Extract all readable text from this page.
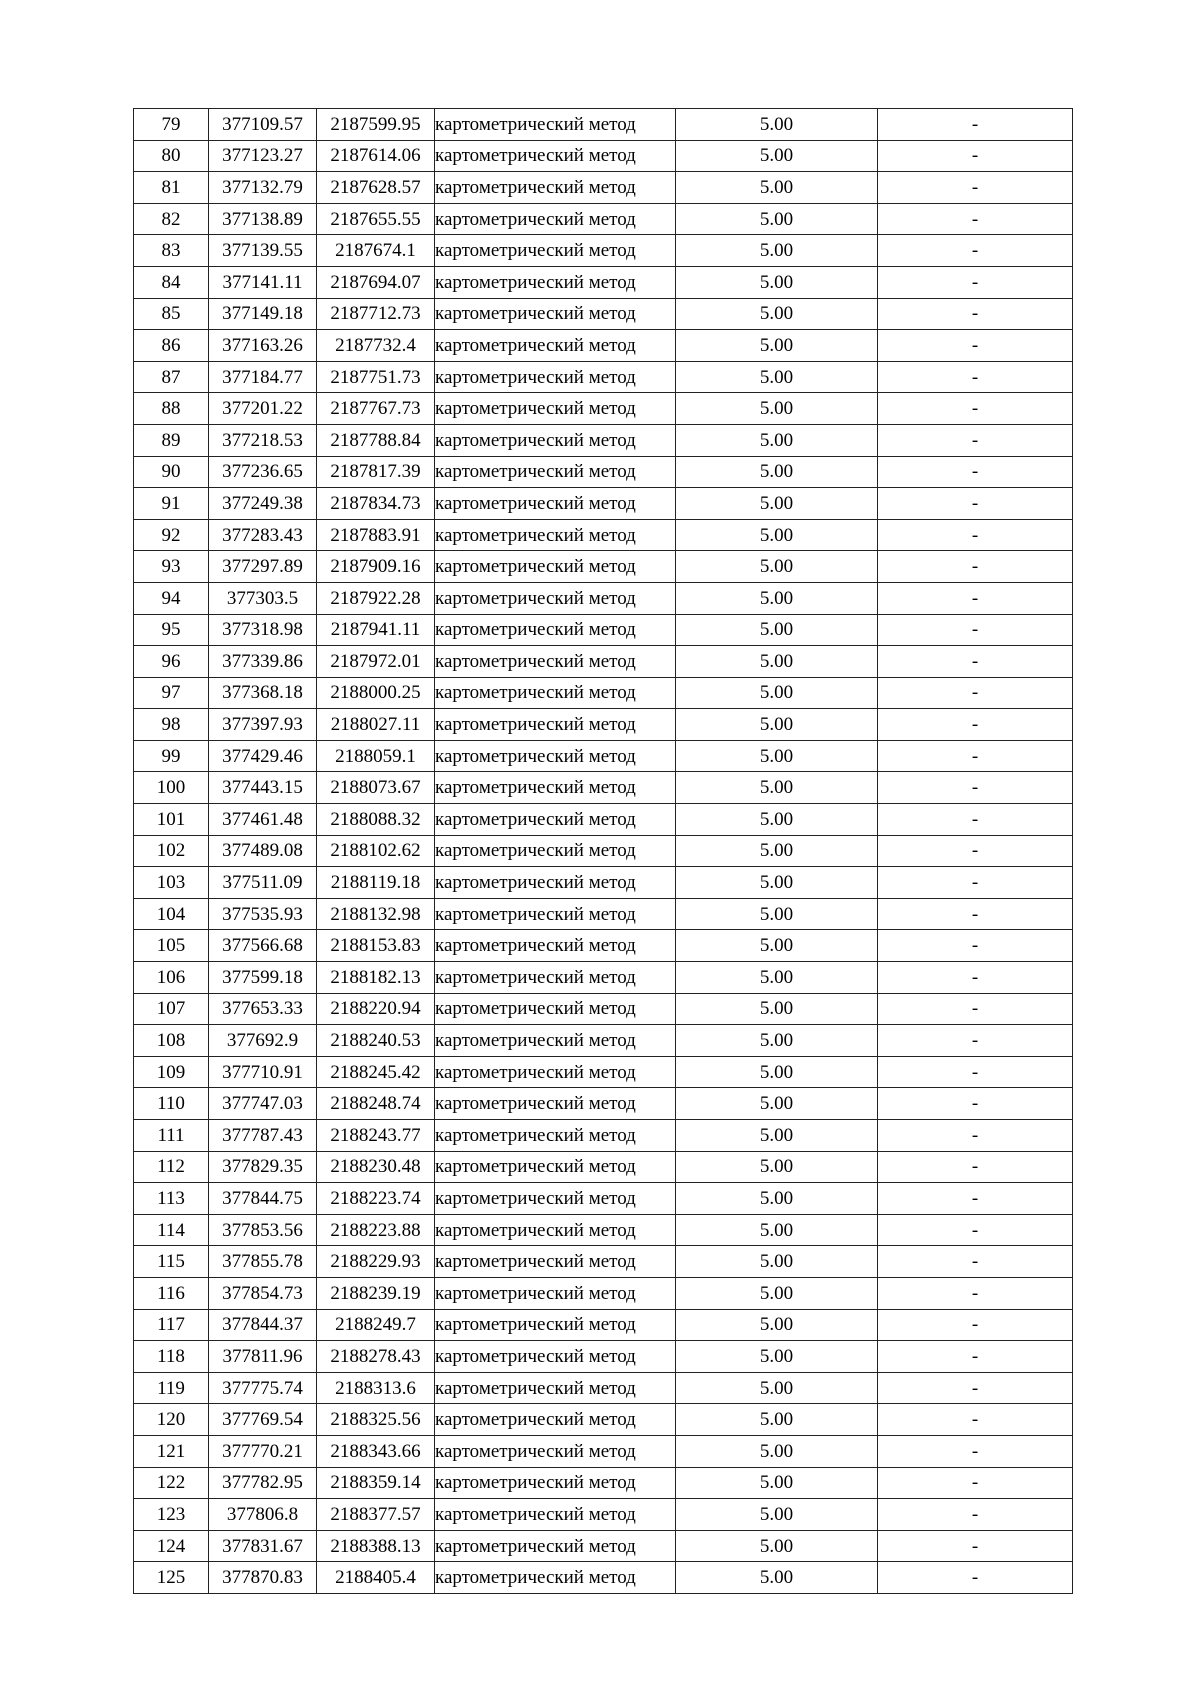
79	377109.57	2187599.95	картометрический метод	5.00	-
80	377123.27	2187614.06	картометрический метод	5.00	-
81	377132.79	2187628.57	картометрический метод	5.00	-
82	377138.89	2187655.55	картометрический метод	5.00	-
83	377139.55	2187674.1	картометрический метод	5.00	-
84	377141.11	2187694.07	картометрический метод	5.00	-
85	377149.18	2187712.73	картометрический метод	5.00	-
86	377163.26	2187732.4	картометрический метод	5.00	-
87	377184.77	2187751.73	картометрический метод	5.00	-
88	377201.22	2187767.73	картометрический метод	5.00	-
89	377218.53	2187788.84	картометрический метод	5.00	-
90	377236.65	2187817.39	картометрический метод	5.00	-
91	377249.38	2187834.73	картометрический метод	5.00	-
92	377283.43	2187883.91	картометрический метод	5.00	-
93	377297.89	2187909.16	картометрический метод	5.00	-
94	377303.5	2187922.28	картометрический метод	5.00	-
95	377318.98	2187941.11	картометрический метод	5.00	-
96	377339.86	2187972.01	картометрический метод	5.00	-
97	377368.18	2188000.25	картометрический метод	5.00	-
98	377397.93	2188027.11	картометрический метод	5.00	-
99	377429.46	2188059.1	картометрический метод	5.00	-
100	377443.15	2188073.67	картометрический метод	5.00	-
101	377461.48	2188088.32	картометрический метод	5.00	-
102	377489.08	2188102.62	картометрический метод	5.00	-
103	377511.09	2188119.18	картометрический метод	5.00	-
104	377535.93	2188132.98	картометрический метод	5.00	-
105	377566.68	2188153.83	картометрический метод	5.00	-
106	377599.18	2188182.13	картометрический метод	5.00	-
107	377653.33	2188220.94	картометрический метод	5.00	-
108	377692.9	2188240.53	картометрический метод	5.00	-
109	377710.91	2188245.42	картометрический метод	5.00	-
110	377747.03	2188248.74	картометрический метод	5.00	-
111	377787.43	2188243.77	картометрический метод	5.00	-
112	377829.35	2188230.48	картометрический метод	5.00	-
113	377844.75	2188223.74	картометрический метод	5.00	-
114	377853.56	2188223.88	картометрический метод	5.00	-
115	377855.78	2188229.93	картометрический метод	5.00	-
116	377854.73	2188239.19	картометрический метод	5.00	-
117	377844.37	2188249.7	картометрический метод	5.00	-
118	377811.96	2188278.43	картометрический метод	5.00	-
119	377775.74	2188313.6	картометрический метод	5.00	-
120	377769.54	2188325.56	картометрический метод	5.00	-
121	377770.21	2188343.66	картометрический метод	5.00	-
122	377782.95	2188359.14	картометрический метод	5.00	-
123	377806.8	2188377.57	картометрический метод	5.00	-
124	377831.67	2188388.13	картометрический метод	5.00	-
125	377870.83	2188405.4	картометрический метод	5.00	-
